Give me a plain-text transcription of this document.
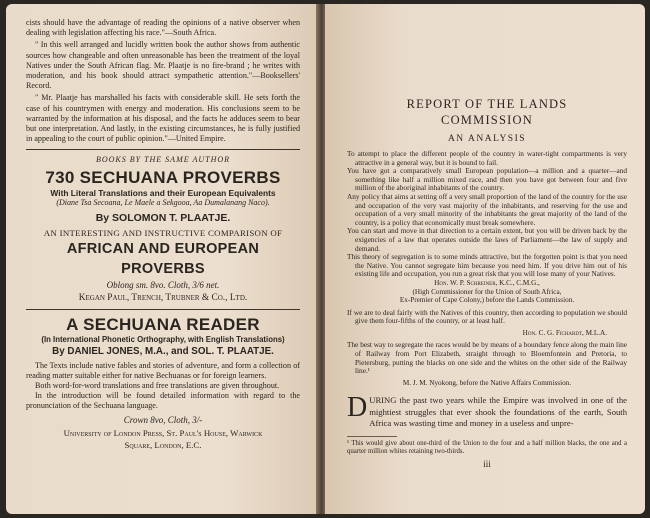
cists should have the advantage of reading the opinions of a native observer when dealing with legislation affecting his race."—South Africa.

" In this well arranged and lucidly written book the author shows from authentic sources how changeable and often unreasonable has been the treatment of the loyal Natives under the South African flag. Mr. Plaatje is no fire-brand ; he writes with moderation, and his book should attract sympathetic attention."—Booksellers' Record.

" Mr. Plaatje has marshalled his facts with considerable skill. He sets forth the case of his countrymen with energy and moderation. His conclusions seem to be warranted by the information at his disposal, and the facts he adduces seem to bear but one interpretation. And lastly, in the existing circumstances, he is fully justified in appealing to the court of public opinion."—United Empire.

BOOKS BY THE SAME AUTHOR

730 SECHUANA PROVERBS

With Literal Translations and their European Equivalents

(Diane Tsa Secoana, Le Maele a Sekgooa, Aa Dumalanang Naco).

By SOLOMON T. PLAATJE.

AN INTERESTING AND INSTRUCTIVE COMPARISON OF

AFRICAN AND EUROPEAN PROVERBS

Oblong sm. 8vo. Cloth, 3/6 net.

Kegan Paul, Trench, Trubner & Co., Ltd.

A SECHUANA READER

(In International Phonetic Orthography, with English Translations)

By DANIEL JONES, M.A., and SOL. T. PLAATJE.

The Texts include native fables and stories of adventure, and form a collection of reading matter suitable either for native Bechuanas or for foreign learners.

Both word-for-word translations and free translations are given throughout.

In the introduction will be found detailed information with regard to the pronunciation of the Sechuana language.

Crown 8vo, Cloth, 3/-

University of London Press, St. Paul's House, Warwick

Square, London, E.C.

REPORT OF THE LANDS

COMMISSION

AN ANALYSIS

To attempt to place the different people of the country in water-tight compartments is very attractive in a general way, but it is bound to fail.

You have got a comparatively small European population—a million and a quarter—and something like half a million mixed race, and then you have got between four and five million of the aboriginal inhabitants of the country.

Any policy that aims at setting off a very small proportion of the land of the country for the use and occupation of the very vast majority of the inhabitants, and reserving for the use and occupation of a very small minority of the inhabitants the great majority of the land of the country, is a policy that economically must break somewhere.

You can start and move in that direction to a certain extent, but you will be driven back by the exigencies of a law that operates outside the laws of Parliament—the law of supply and demand.

This theory of segregation is to some minds attractive, but the forgotten point is that you need the Native. You cannot segregate him because you need him. If you drive him out of his existing life and occupation, you run a great risk that you will lose many of your Natives.

Hon. W. P. Schreiner, K.C., C.M.G.,

(High Commissioner for the Union of South Africa,

Ex-Premier of Cape Colony,) before the Lands Commission.

If we are to deal fairly with the Natives of this country, then according to population we should give them four-fifths of the country, or at least half.

Hon. C. G. Fichardt, M.L.A.

The best way to segregate the races would be by means of a boundary fence along the main line of Railway from Port Elizabeth, straight through to Bloemfontein and Pretoria, to Pietersburg, putting the blacks on one side and the whites on the other side of the Railway line.¹

M. J. M. Nyokong, before the Native Affairs Commission.

DURING the past two years while the Empire was involved in one of the mightiest struggles that ever shook the foundations of the earth, South Africa was wasting time and money in a useless and unpre-

¹ This would give about one-third of the Union to the four and a half million blacks, the one and a quarter million whites retaining two-thirds.

iii
